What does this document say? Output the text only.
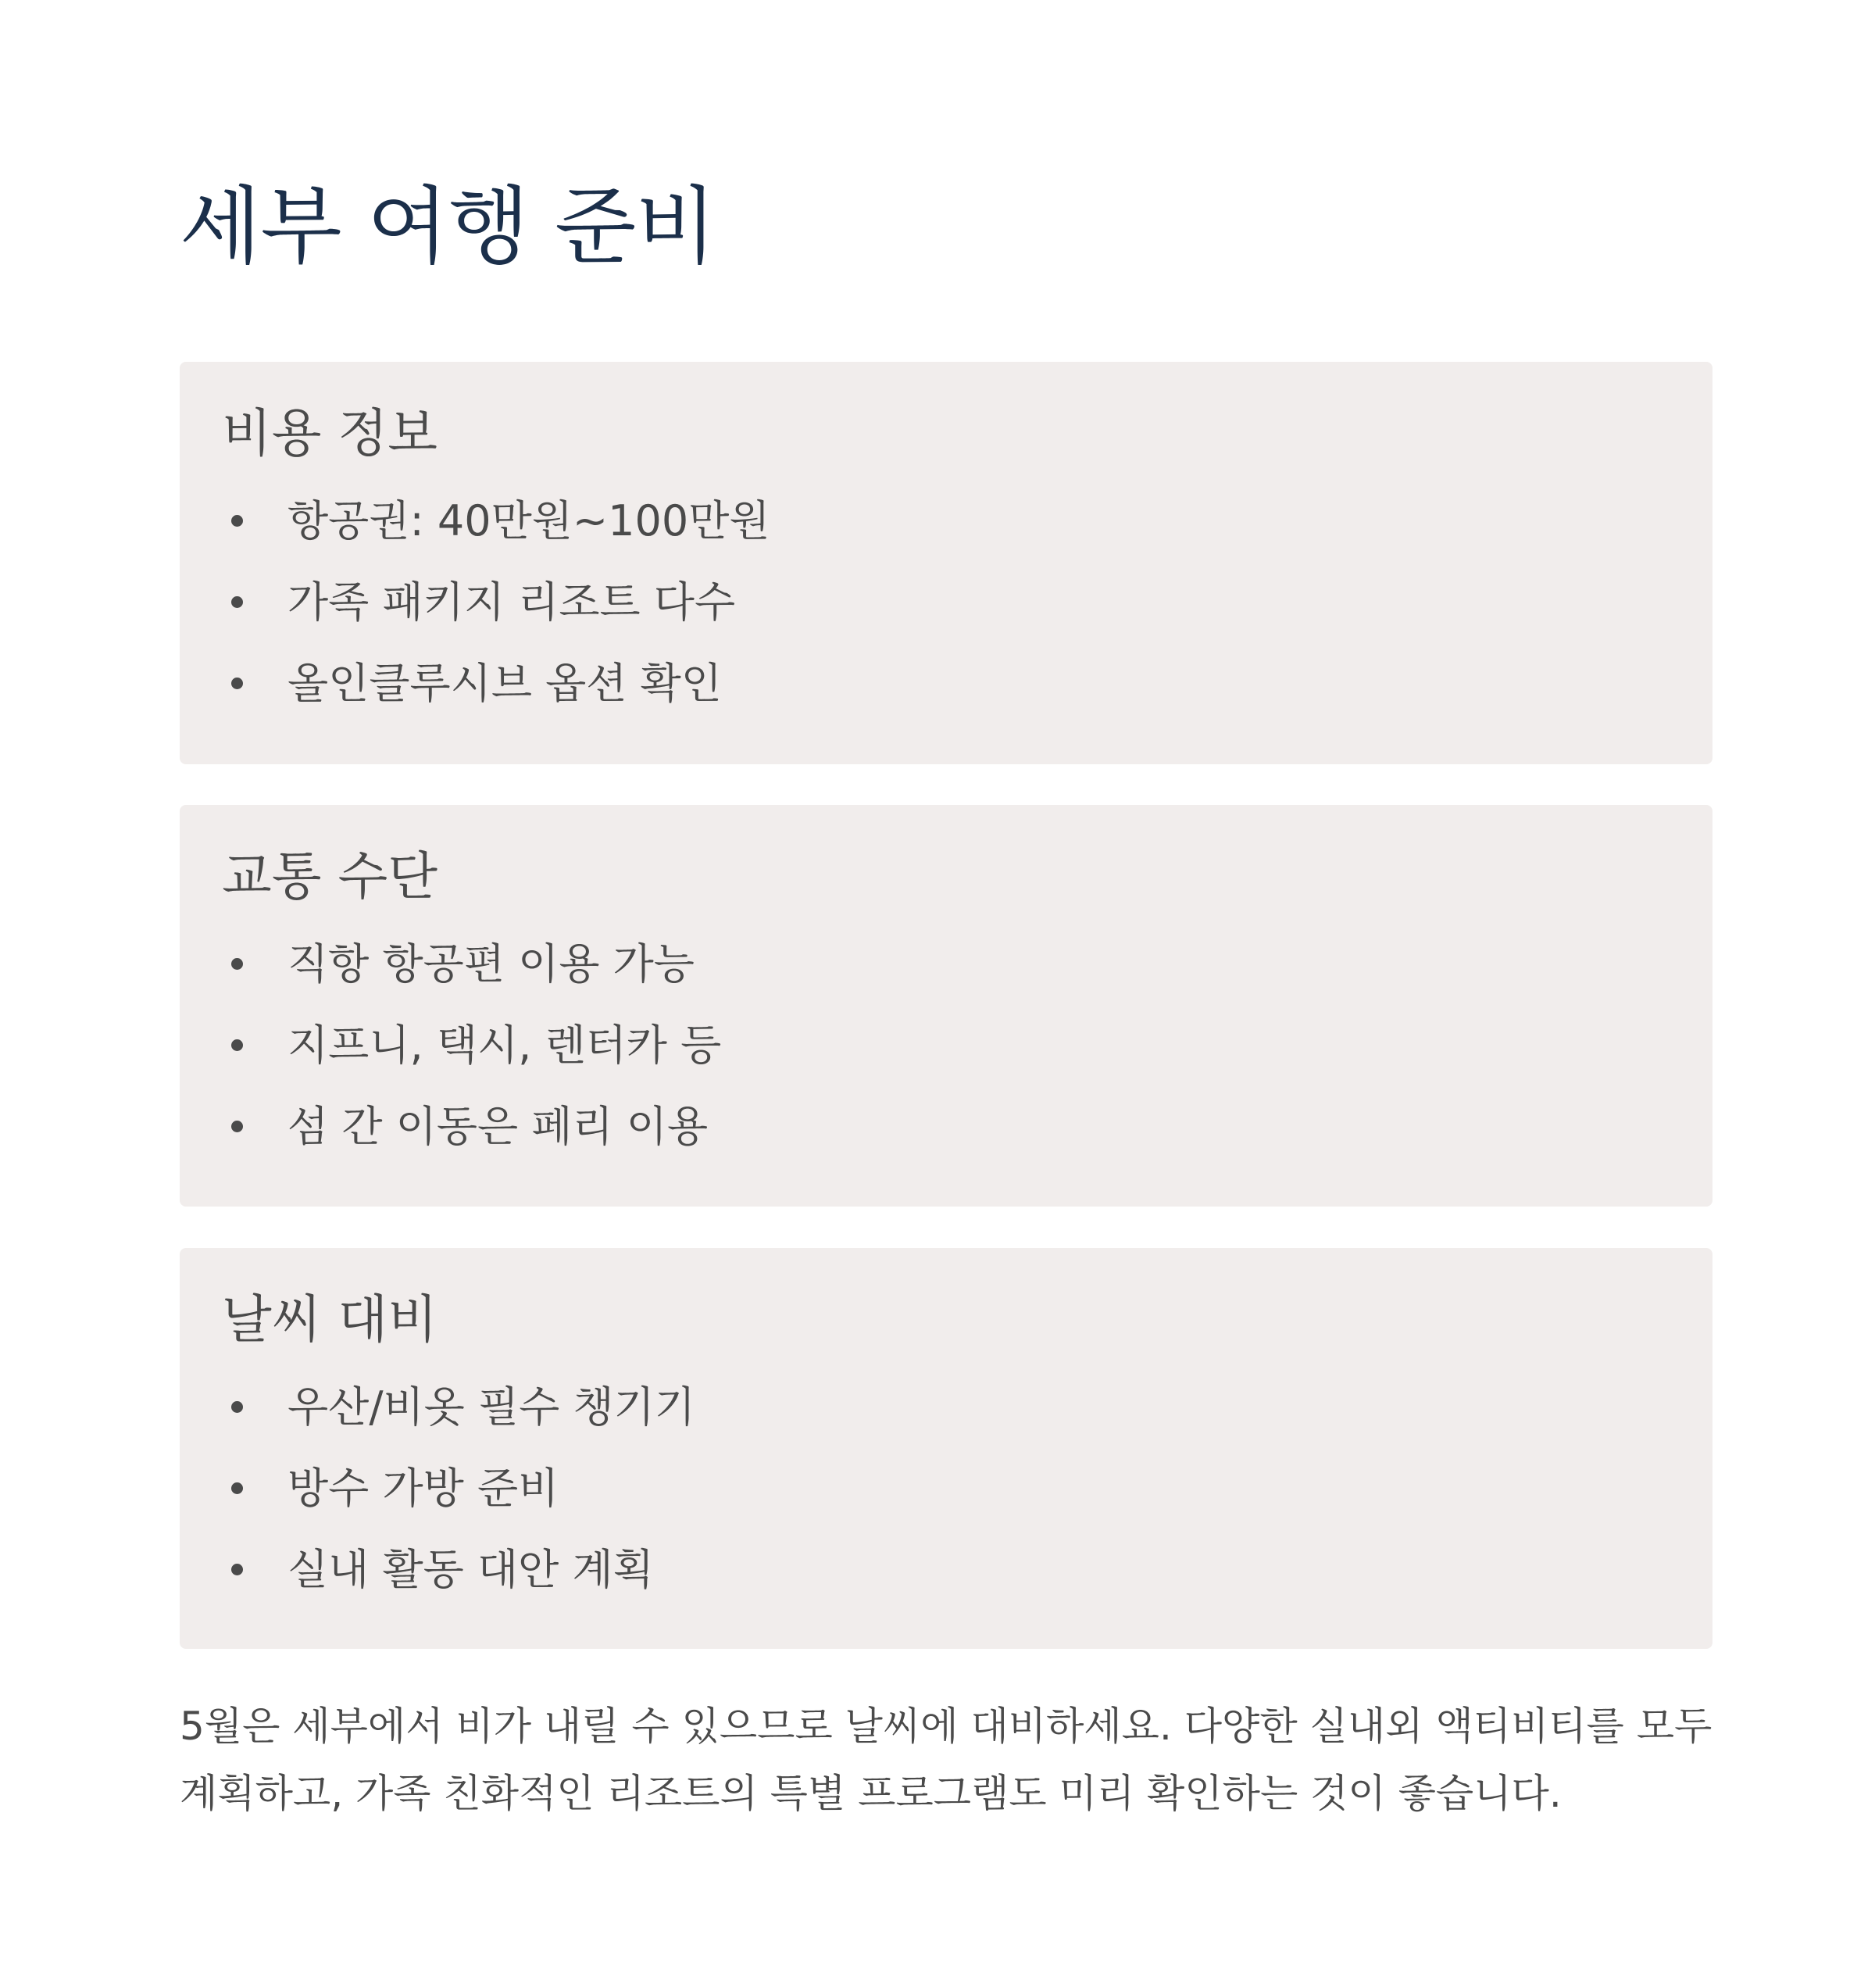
세부 여행 준비
비용 정보
항공권: 40만원~100만원
가족 패키지 리조트 다수
올인클루시브 옵션 확인
교통 수단
직항 항공편 이용 가능
지프니, 택시, 렌터카 등
섬 간 이동은 페리 이용
날씨 대비
우산/비옷 필수 챙기기
방수 가방 준비
실내 활동 대안 계획

5월은 세부에서 비가 내릴 수 있으므로 날씨에 대비하세요. 다양한 실내외 액티비티를 모두
계획하고, 가족 친화적인 리조트의 특별 프로그램도 미리 확인하는 것이 좋습니다.
